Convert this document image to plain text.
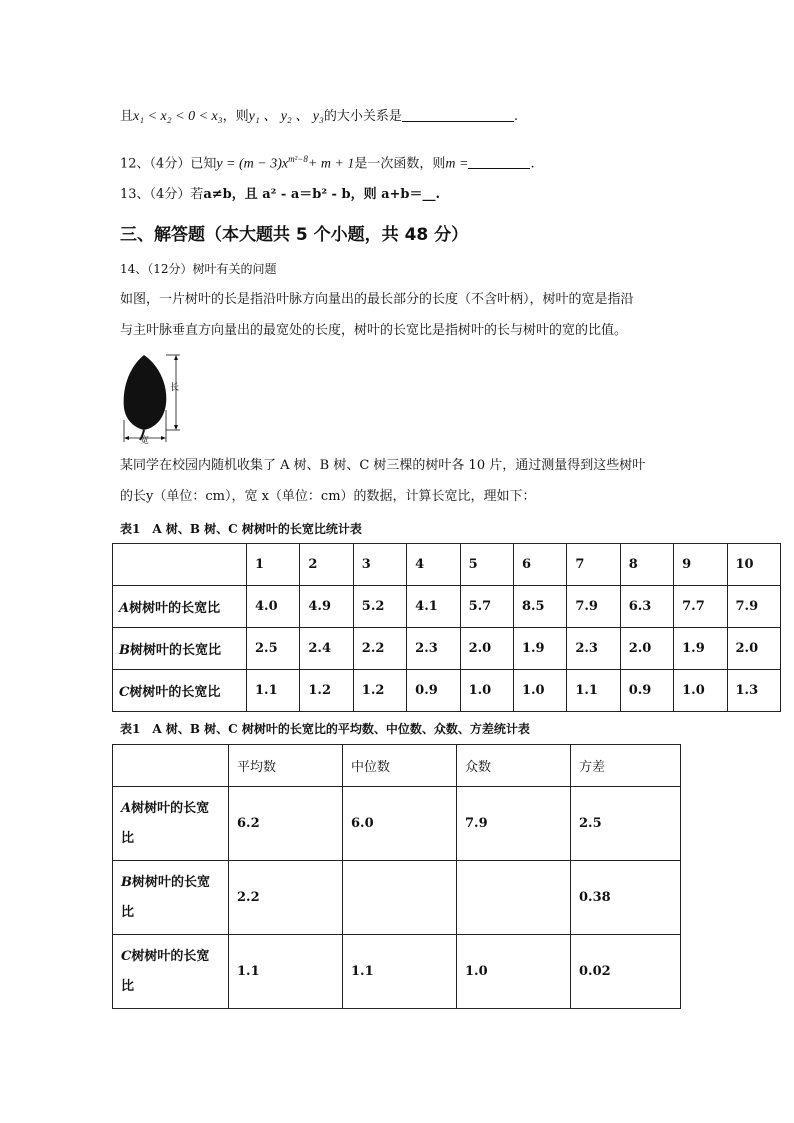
且x₁ < x₂ < 0 < x₃，则y₁ 、 y₂ 、 y₃的大小关系是	.
12、（4分）已知$y = (m - 3)x^{m^2-8}+ m + 1$是一次函数，则m =	.
13、（4分）若a≠b，且 a² - a＝b² - b，则 a+b＝__.
三、解答题（本大题共 5 个小题，共 48 分）
14、（12分）树叶有关的问题
如图，一片树叶的长是指沿叶脉方向量出的最长部分的长度（不含叶柄），树叶的宽是指沿
与主叶脉垂直方向量出的最宽处的长度，树叶的长宽比是指树叶的长与树叶的宽的比值。
长
宽
某同学在校园内随机收集了 A 树、B 树、C 树三棵的树叶各 10 片，通过测量得到这些树叶
的长y（单位：cm），宽 x（单位：cm）的数据，计算长宽比，理如下：
表1　A 树、B 树、C 树树叶的长宽比统计表
	1	2	3	4	5	6	7	8	9	10
A树树叶的长宽比	4.0	4.9	5.2	4.1	5.7	8.5	7.9	6.3	7.7	7.9
B树树叶的长宽比	2.5	2.4	2.2	2.3	2.0	1.9	2.3	2.0	1.9	2.0
C树树叶的长宽比	1.1	1.2	1.2	0.9	1.0	1.0	1.1	0.9	1.0	1.3
表1　A 树、B 树、C 树树叶的长宽比的平均数、中位数、众数、方差统计表
	平均数	中位数	众数	方差
A树树叶的长宽
比	6.2	6.0	7.9	2.5
B树树叶的长宽
比	2.2			0.38
C树树叶的长宽
比	1.1	1.1	1.0	0.02
